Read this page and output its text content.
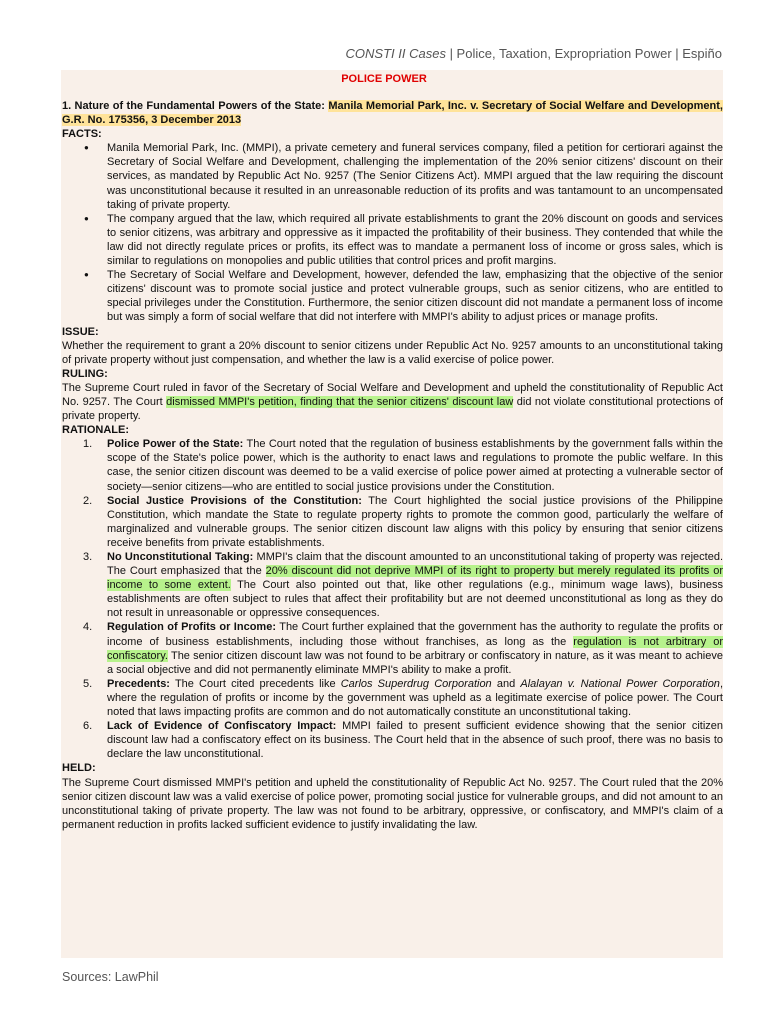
CONSTI II Cases | Police, Taxation, Expropriation Power | Espiño
POLICE POWER

1. Nature of the Fundamental Powers of the State: Manila Memorial Park, Inc. v. Secretary of Social Welfare and Development, G.R. No. 175356, 3 December 2013

FACTS:

● Manila Memorial Park, Inc. (MMPI), a private cemetery and funeral services company, filed a petition for certiorari against the Secretary of Social Welfare and Development, challenging the implementation of the 20% senior citizens' discount on their services, as mandated by Republic Act No. 9257 (The Senior Citizens Act). MMPI argued that the law requiring the discount was unconstitutional because it resulted in an unreasonable reduction of its profits and was tantamount to an uncompensated taking of private property.
● The company argued that the law, which required all private establishments to grant the 20% discount on goods and services to senior citizens, was arbitrary and oppressive as it impacted the profitability of their business. They contended that while the law did not directly regulate prices or profits, its effect was to mandate a permanent loss of income or gross sales, which is similar to regulations on monopolies and public utilities that control prices and profit margins.
● The Secretary of Social Welfare and Development, however, defended the law, emphasizing that the objective of the senior citizens' discount was to promote social justice and protect vulnerable groups, such as senior citizens, who are entitled to special privileges under the Constitution. Furthermore, the senior citizen discount did not mandate a permanent loss of income but was simply a form of social welfare that did not interfere with MMPI's ability to adjust prices or manage profits.

ISSUE:

Whether the requirement to grant a 20% discount to senior citizens under Republic Act No. 9257 amounts to an unconstitutional taking of private property without just compensation, and whether the law is a valid exercise of police power.

RULING:

The Supreme Court ruled in favor of the Secretary of Social Welfare and Development and upheld the constitutionality of Republic Act No. 9257. The Court dismissed MMPI's petition, finding that the senior citizens' discount law did not violate constitutional protections of private property.

RATIONALE:

1. Police Power of the State: The Court noted that the regulation of business establishments by the government falls within the scope of the State's police power, which is the authority to enact laws and regulations to promote the public welfare. In this case, the senior citizen discount was deemed to be a valid exercise of police power aimed at protecting a vulnerable sector of society—senior citizens—who are entitled to social justice provisions under the Constitution.
2. Social Justice Provisions of the Constitution: The Court highlighted the social justice provisions of the Philippine Constitution, which mandate the State to regulate property rights to promote the common good, particularly the welfare of marginalized and vulnerable groups. The senior citizen discount law aligns with this policy by ensuring that senior citizens receive benefits from private establishments.
3. No Unconstitutional Taking: MMPI's claim that the discount amounted to an unconstitutional taking of property was rejected. The Court emphasized that the 20% discount did not deprive MMPI of its right to property but merely regulated its profits or income to some extent. The Court also pointed out that, like other regulations (e.g., minimum wage laws), business establishments are often subject to rules that affect their profitability but are not deemed unconstitutional as long as they do not result in unreasonable or oppressive consequences.
4. Regulation of Profits or Income: The Court further explained that the government has the authority to regulate the profits or income of business establishments, including those without franchises, as long as the regulation is not arbitrary or confiscatory. The senior citizen discount law was not found to be arbitrary or confiscatory in nature, as it was meant to achieve a social objective and did not permanently eliminate MMPI's ability to make a profit.
5. Precedents: The Court cited precedents like Carlos Superdrug Corporation and Alalayan v. National Power Corporation, where the regulation of profits or income by the government was upheld as a legitimate exercise of police power. The Court noted that laws impacting profits are common and do not automatically constitute an unconstitutional taking.
6. Lack of Evidence of Confiscatory Impact: MMPI failed to present sufficient evidence showing that the senior citizen discount law had a confiscatory effect on its business. The Court held that in the absence of such proof, there was no basis to declare the law unconstitutional.

HELD:

The Supreme Court dismissed MMPI's petition and upheld the constitutionality of Republic Act No. 9257. The Court ruled that the 20% senior citizen discount law was a valid exercise of police power, promoting social justice for vulnerable groups, and did not amount to an unconstitutional taking of private property. The law was not found to be arbitrary, oppressive, or confiscatory, and MMPI's claim of a permanent reduction in profits lacked sufficient evidence to justify invalidating the law.

Sources: LawPhil
